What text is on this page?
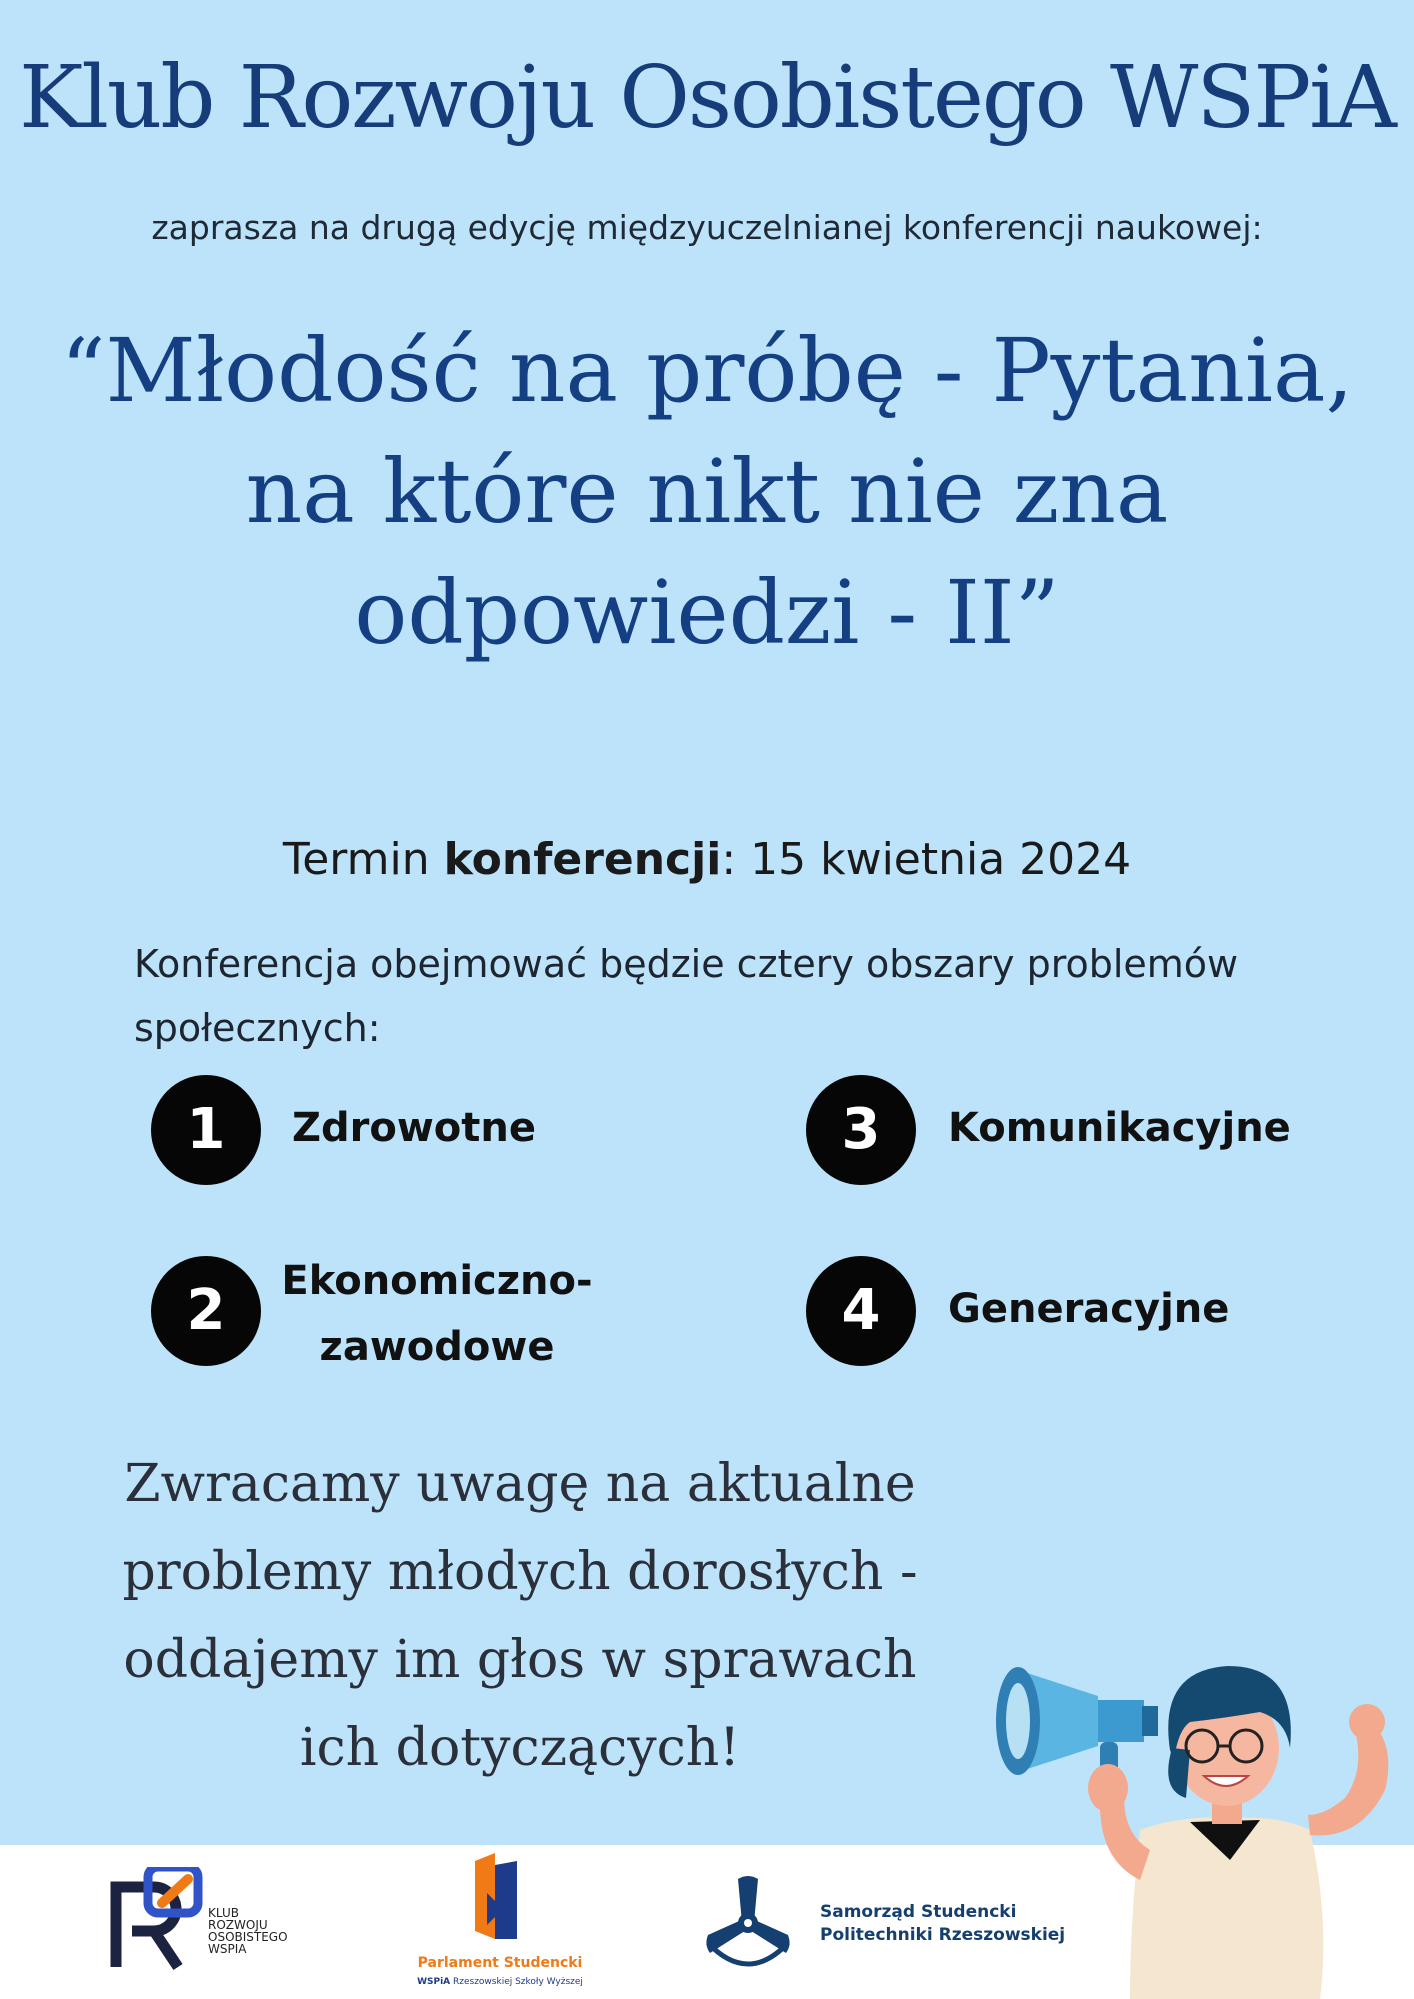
Klub Rozwoju Osobistego WSPiA
zaprasza na drugą edycję międzyuczelnianej konferencji naukowej:
“Młodość na próbę - Pytania,
na które nikt nie zna
odpowiedzi - II”
Termin konferencji: 15 kwietnia 2024
Konferencja obejmować będzie cztery obszary problemów
społecznych:
1	Zdrowotne
2	Ekonomiczno-
zawodowe
3	Komunikacyjne
4	Generacyjne
Zwracamy uwagę na aktualne
problemy młodych dorosłych -
oddajemy im głos w sprawach
ich dotyczących!
KLUB
ROZWOJU
OSOBISTEGO
WSPIA
Parlament Studencki
WSPiA Rzeszowskiej Szkoły Wyższej
Samorząd Studencki
Politechniki Rzeszowskiej
